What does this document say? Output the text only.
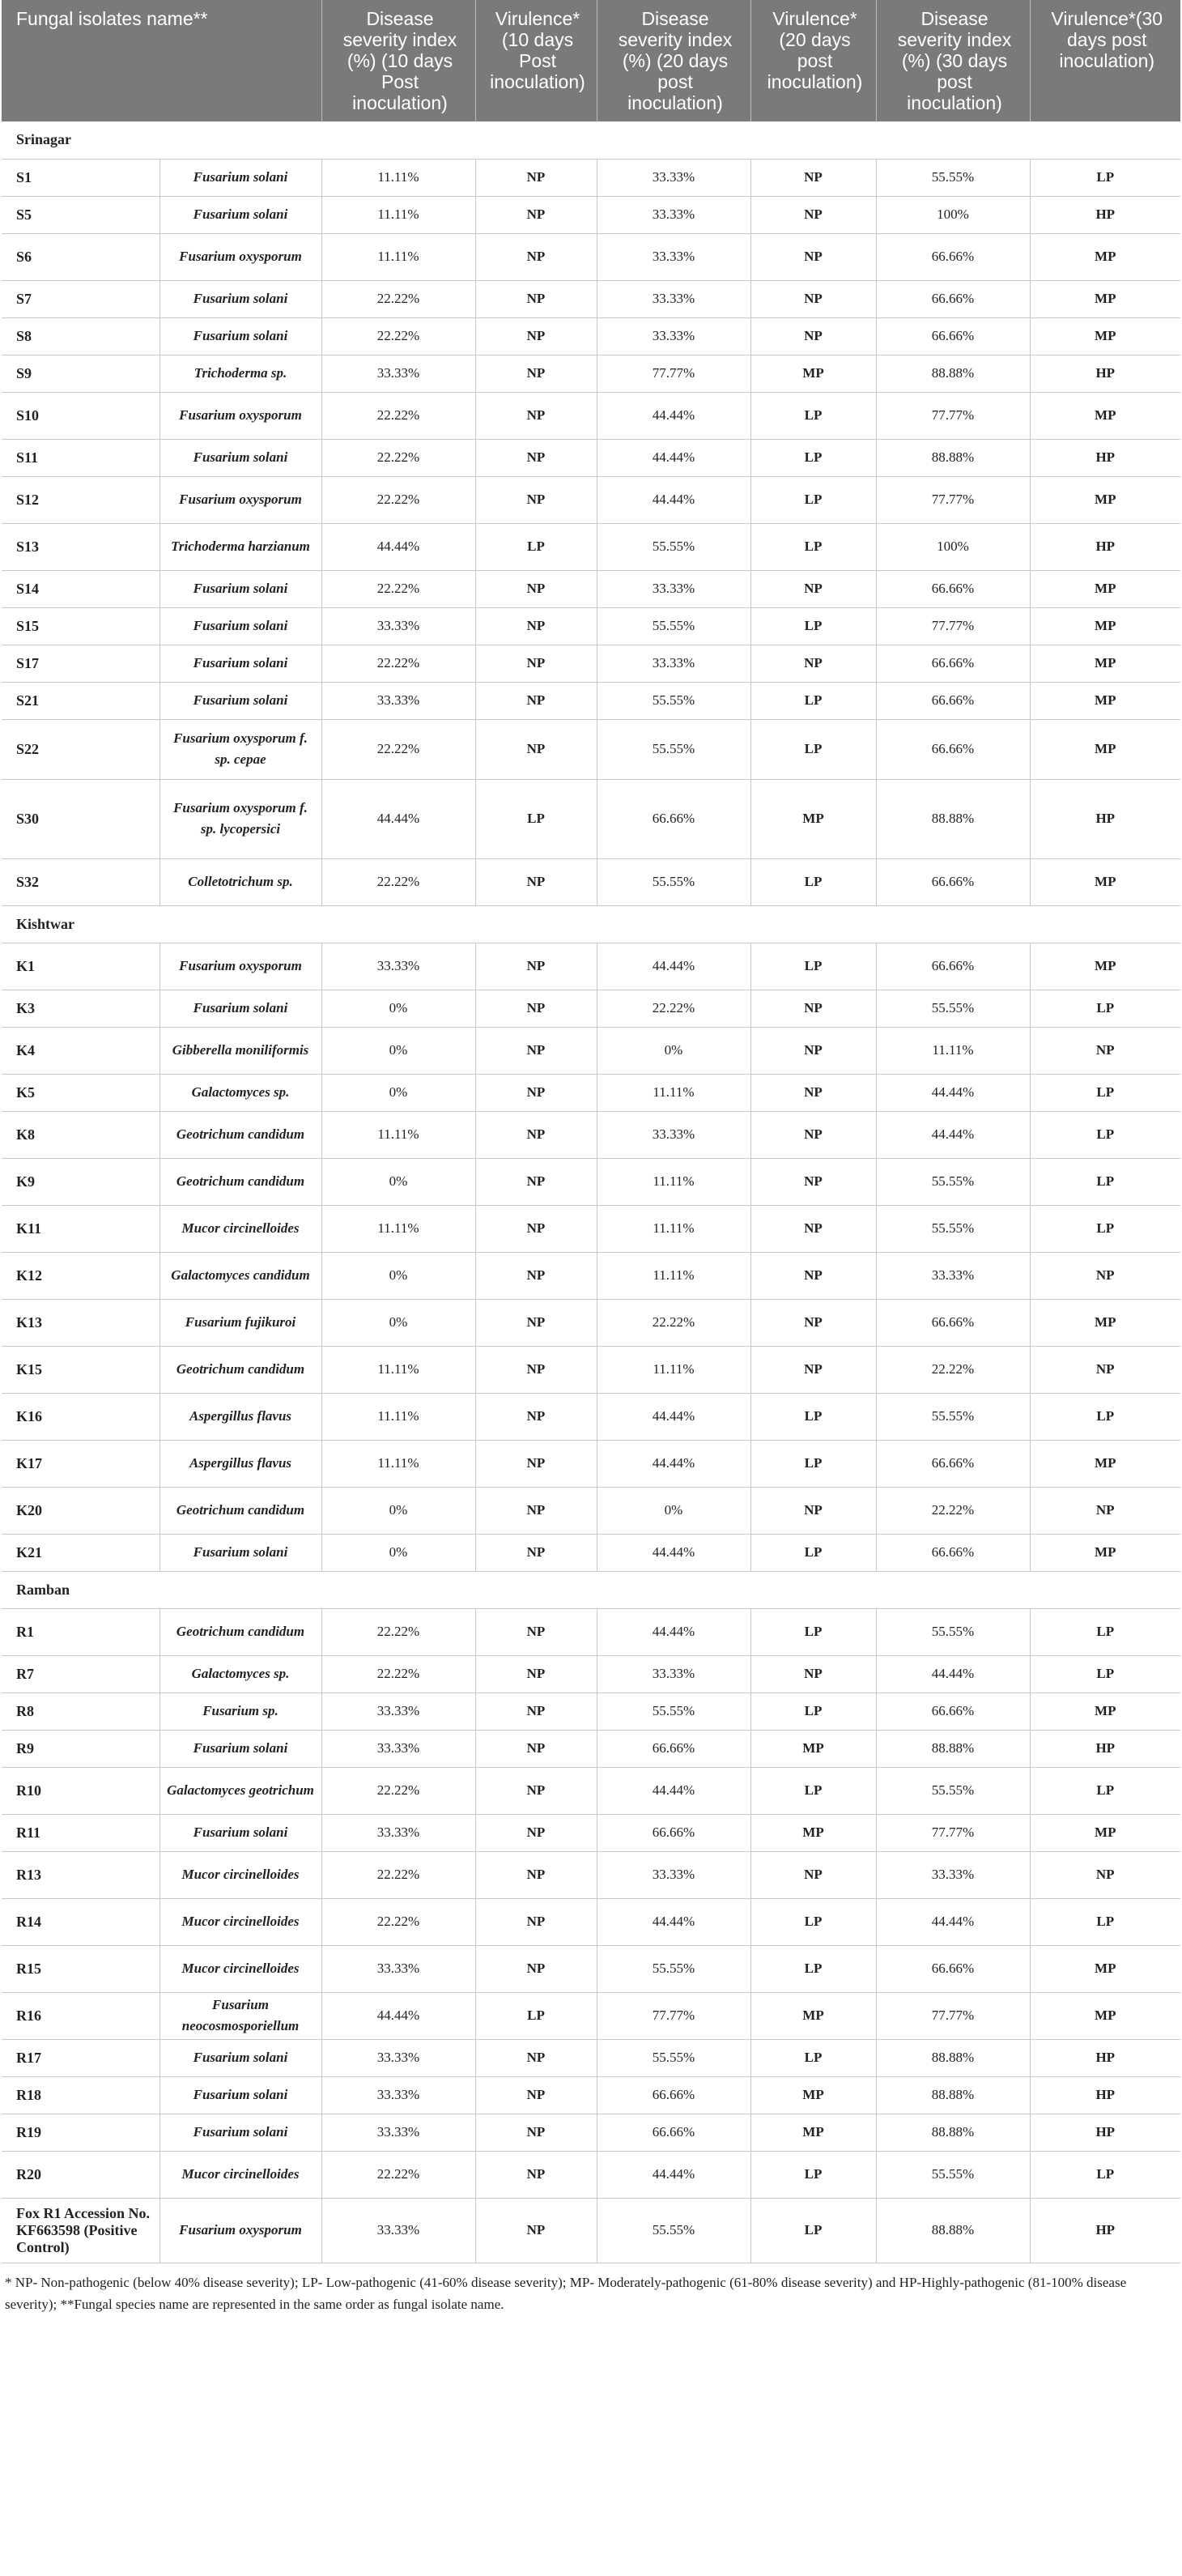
Fungal isolates name**		Disease severity index (%) (10 days Post inoculation)	Virulence* (10 days Post inoculation)	Disease severity index (%) (20 days post inoculation)	Virulence* (20 days post inoculation)	Disease severity index (%) (30 days post inoculation)	Virulence*(30 days post inoculation)
Srinagar							
S1	Fusarium solani	11.11%	NP	33.33%	NP	55.55%	LP
S5	Fusarium solani	11.11%	NP	33.33%	NP	100%	HP
S6	Fusarium oxysporum	11.11%	NP	33.33%	NP	66.66%	MP
S7	Fusarium solani	22.22%	NP	33.33%	NP	66.66%	MP
S8	Fusarium solani	22.22%	NP	33.33%	NP	66.66%	MP
S9	Trichoderma sp.	33.33%	NP	77.77%	MP	88.88%	HP
S10	Fusarium oxysporum	22.22%	NP	44.44%	LP	77.77%	MP
S11	Fusarium solani	22.22%	NP	44.44%	LP	88.88%	HP
S12	Fusarium oxysporum	22.22%	NP	44.44%	LP	77.77%	MP
S13	Trichoderma harzianum	44.44%	LP	55.55%	LP	100%	HP
S14	Fusarium solani	22.22%	NP	33.33%	NP	66.66%	MP
S15	Fusarium solani	33.33%	NP	55.55%	LP	77.77%	MP
S17	Fusarium solani	22.22%	NP	33.33%	NP	66.66%	MP
S21	Fusarium solani	33.33%	NP	55.55%	LP	66.66%	MP
S22	Fusarium oxysporum f. sp. cepae	22.22%	NP	55.55%	LP	66.66%	MP
S30	Fusarium oxysporum f. sp. lycopersici	44.44%	LP	66.66%	MP	88.88%	HP
S32	Colletotrichum sp.	22.22%	NP	55.55%	LP	66.66%	MP
Kishtwar							
K1	Fusarium oxysporum	33.33%	NP	44.44%	LP	66.66%	MP
K3	Fusarium solani	0%	NP	22.22%	NP	55.55%	LP
K4	Gibberella moniliformis	0%	NP	0%	NP	11.11%	NP
K5	Galactomyces sp.	0%	NP	11.11%	NP	44.44%	LP
K8	Geotrichum candidum	11.11%	NP	33.33%	NP	44.44%	LP
K9	Geotrichum candidum	0%	NP	11.11%	NP	55.55%	LP
K11	Mucor circinelloides	11.11%	NP	11.11%	NP	55.55%	LP
K12	Galactomyces candidum	0%	NP	11.11%	NP	33.33%	NP
K13	Fusarium fujikuroi	0%	NP	22.22%	NP	66.66%	MP
K15	Geotrichum candidum	11.11%	NP	11.11%	NP	22.22%	NP
K16	Aspergillus flavus	11.11%	NP	44.44%	LP	55.55%	LP
K17	Aspergillus flavus	11.11%	NP	44.44%	LP	66.66%	MP
K20	Geotrichum candidum	0%	NP	0%	NP	22.22%	NP
K21	Fusarium solani	0%	NP	44.44%	LP	66.66%	MP
Ramban							
R1	Geotrichum candidum	22.22%	NP	44.44%	LP	55.55%	LP
R7	Galactomyces sp.	22.22%	NP	33.33%	NP	44.44%	LP
R8	Fusarium sp.	33.33%	NP	55.55%	LP	66.66%	MP
R9	Fusarium solani	33.33%	NP	66.66%	MP	88.88%	HP
R10	Galactomyces geotrichum	22.22%	NP	44.44%	LP	55.55%	LP
R11	Fusarium solani	33.33%	NP	66.66%	MP	77.77%	MP
R13	Mucor circinelloides	22.22%	NP	33.33%	NP	33.33%	NP
R14	Mucor circinelloides	22.22%	NP	44.44%	LP	44.44%	LP
R15	Mucor circinelloides	33.33%	NP	55.55%	LP	66.66%	MP
R16	Fusarium neocosmosporiellum	44.44%	LP	77.77%	MP	77.77%	MP
R17	Fusarium solani	33.33%	NP	55.55%	LP	88.88%	HP
R18	Fusarium solani	33.33%	NP	66.66%	MP	88.88%	HP
R19	Fusarium solani	33.33%	NP	66.66%	MP	88.88%	HP
R20	Mucor circinelloides	22.22%	NP	44.44%	LP	55.55%	LP
Fox R1 Accession No. KF663598 (Positive Control)	Fusarium oxysporum	33.33%	NP	55.55%	LP	88.88%	HP
* NP- Non-pathogenic (below 40% disease severity); LP- Low-pathogenic (41-60% disease severity); MP- Moderately-pathogenic (61-80% disease severity) and HP-Highly-pathogenic (81-100% disease severity); **Fungal species name are represented in the same order as fungal isolate name.
